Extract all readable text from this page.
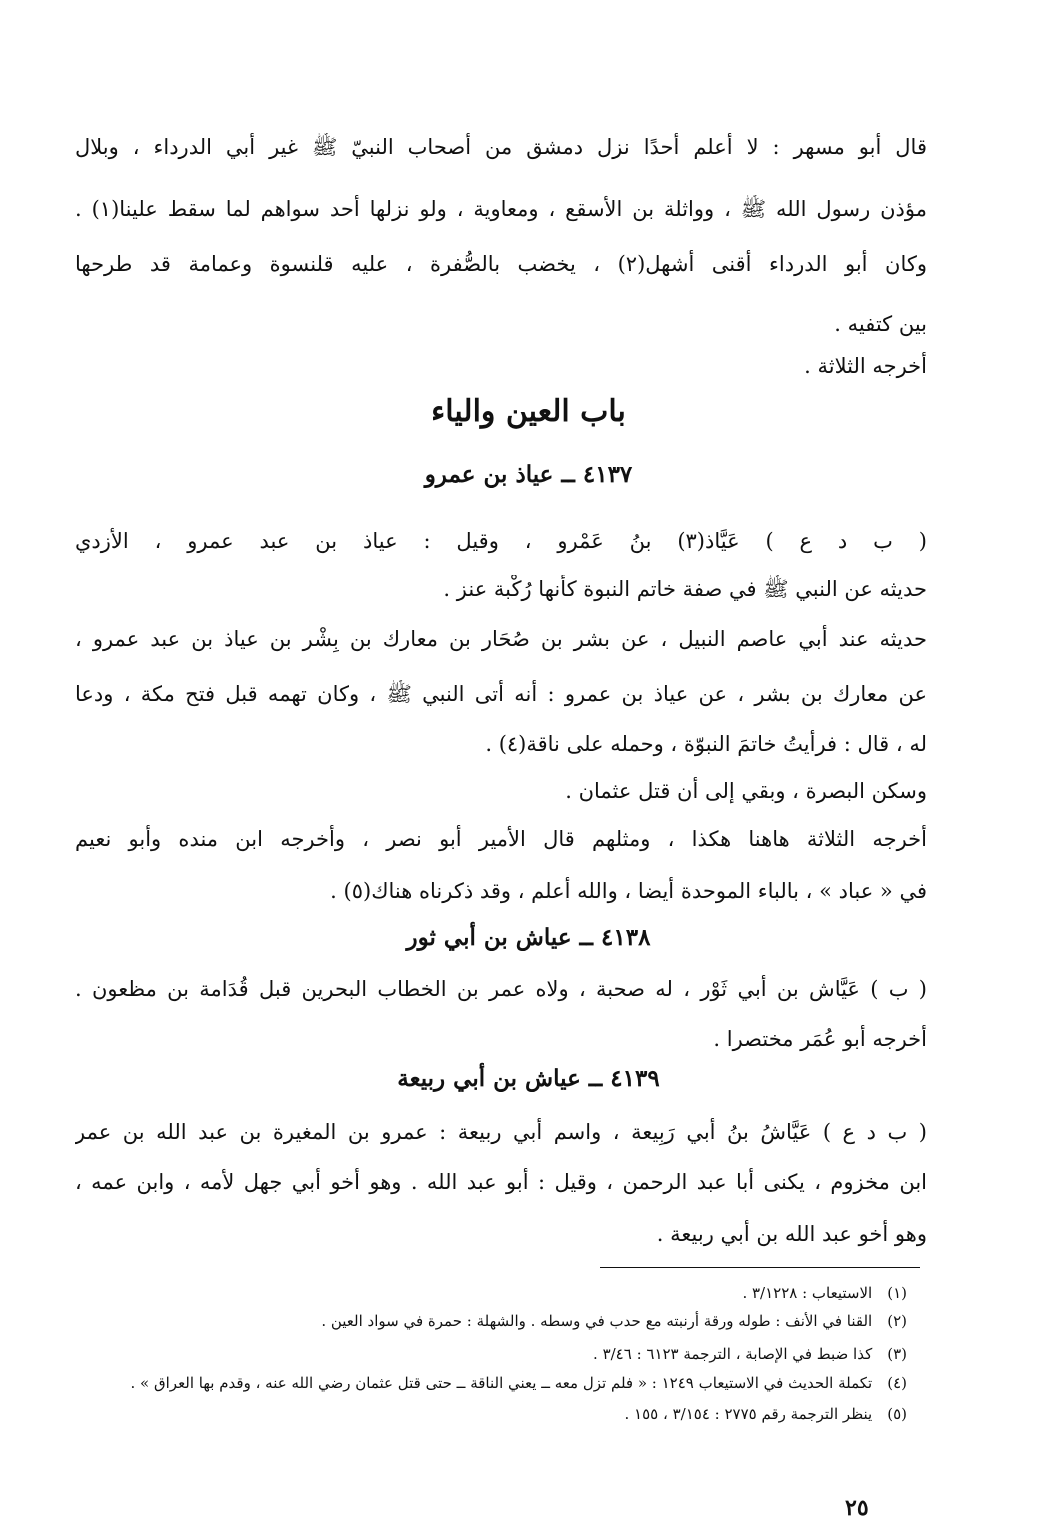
قال أبو مسهر : لا أعلم أحدًا نزل دمشق من أصحاب النبيّ ﷺ غير أبي الدرداء ، وبلال
مؤذن رسول الله ﷺ ، وواثلة بن الأسقع ، ومعاوية ، ولو نزلها أحد سواهم لما سقط علينا(١) .
وكان أبو الدرداء أقنى أشهل(٢) ، يخضب بالصُّفرة ، عليه قلنسوة وعمامة قد طرحها
بين كتفيه .
أخرجه الثلاثة .
باب العين والياء
٤١٣٧ ــ عياذ بن عمرو
( ب د ع ) عَيَّاذ(٣) بنُ عَمْرو ، وقيل : عياذ بن عبد عمرو ، الأزدي
حديثه عن النبي ﷺ في صفة خاتم النبوة كأنها رُكْبة عنز .
حديثه عند أبي عاصم النبيل ، عن بشر بن صُحَار بن معارك بن بِشْر بن عياذ بن عبد عمرو ،
عن معارك بن بشر ، عن عياذ بن عمرو : أنه أتى النبي ﷺ ، وكان تهمه قبل فتح مكة ، ودعا
له ، قال : فرأيتُ خاتمَ النبوّة ، وحمله على ناقة(٤) .
وسكن البصرة ، وبقي إلى أن قتل عثمان .
أخرجه الثلاثة هاهنا هكذا ، ومثلهم قال الأمير أبو نصر ، وأخرجه ابن منده وأبو نعيم
في « عباد » ، بالباء الموحدة أيضا ، والله أعلم ، وقد ذكرناه هناك(٥) .
٤١٣٨ ــ عياش بن أبي ثور
( ب ) عَيَّاش بن أبي ثَوْر ، له صحبة ، ولاه عمر بن الخطاب البحرين قبل قُدَامة بن مظعون .
أخرجه أبو عُمَر مختصرا .
٤١٣٩ ــ عياش بن أبي ربيعة
( ب د ع ) عَيَّاشُ بنُ أبي رَبِيعة ، واسم أبي ربيعة : عمرو بن المغيرة بن عبد الله بن عمر
ابن مخزوم ، يكنى أبا عبد الرحمن ، وقيل : أبو عبد الله . وهو أخو أبي جهل لأمه ، وابن عمه ،
وهو أخو عبد الله بن أبي ربيعة .
(١) الاستيعاب : ٣/١٢٢٨ .
(٢) القنا في الأنف : طوله ورقة أرنبته مع حدب في وسطه . والشهلة : حمرة في سواد العين .
(٣) كذا ضبط في الإصابة ، الترجمة ٦١٢٣ : ٣/٤٦ .
(٤) تكملة الحديث في الاستيعاب ١٢٤٩ : « فلم تزل معه ــ يعني الناقة ــ حتى قتل عثمان رضي الله عنه ، وقدم بها العراق » .
(٥) ينظر الترجمة رقم ٢٧٧٥ : ٣/١٥٤ ، ١٥٥ .
٢٥
